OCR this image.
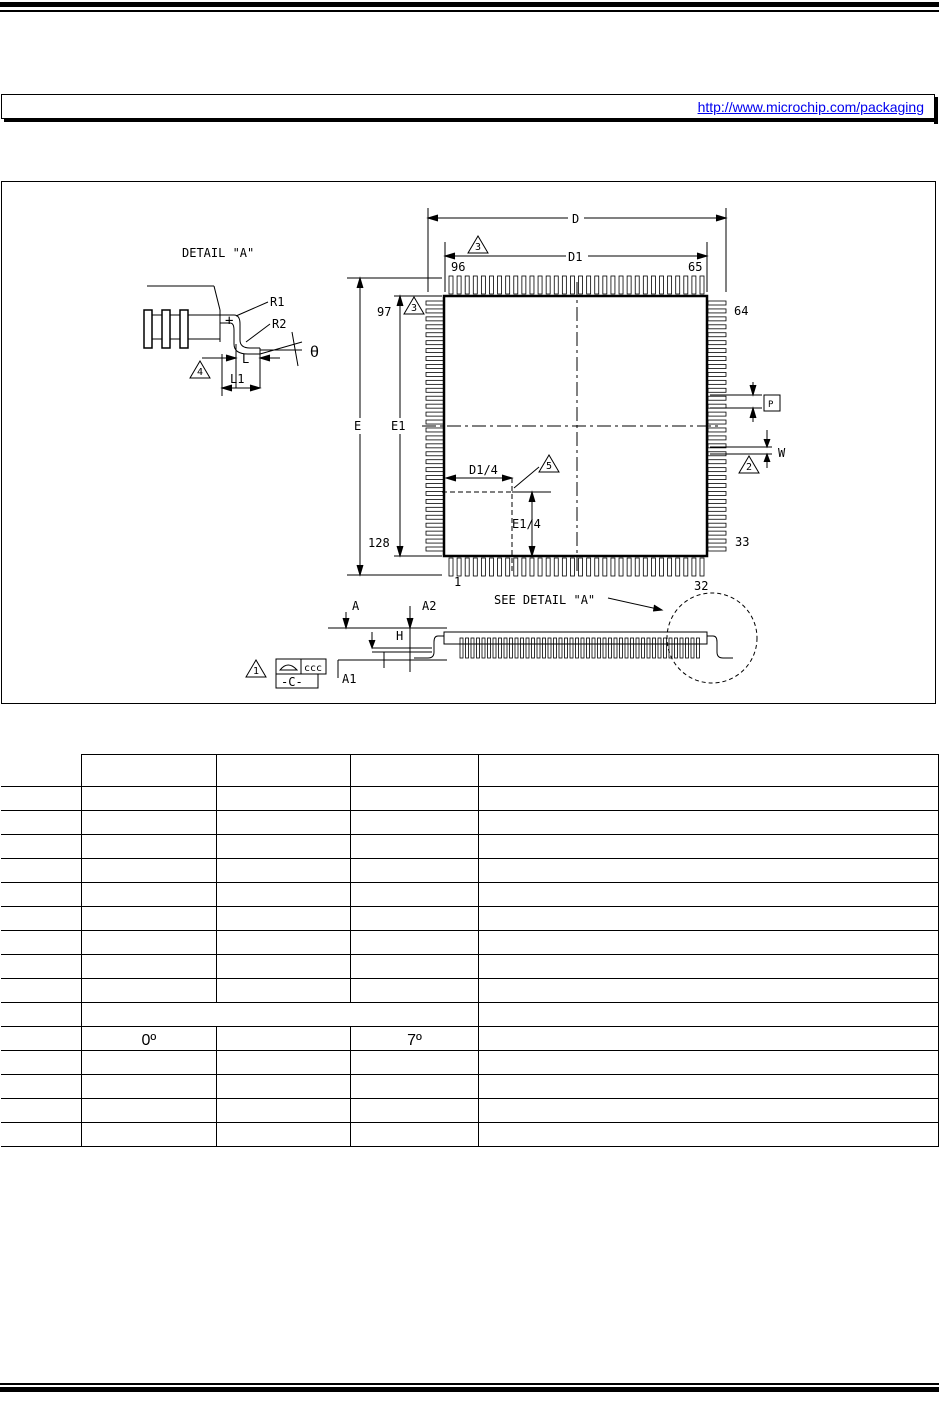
http://www.microchip.com/packaging
D
D1
3
E E1
3
96	65
97	64
128	33
1	32
D1/4
E1/4
5
P
W
2
DETAIL "A"
+
R1
R2
θ
L
L1
4
SEE DETAIL "A"
A	A2
H
A1
1	ccc
-C-

	0º		7º	
